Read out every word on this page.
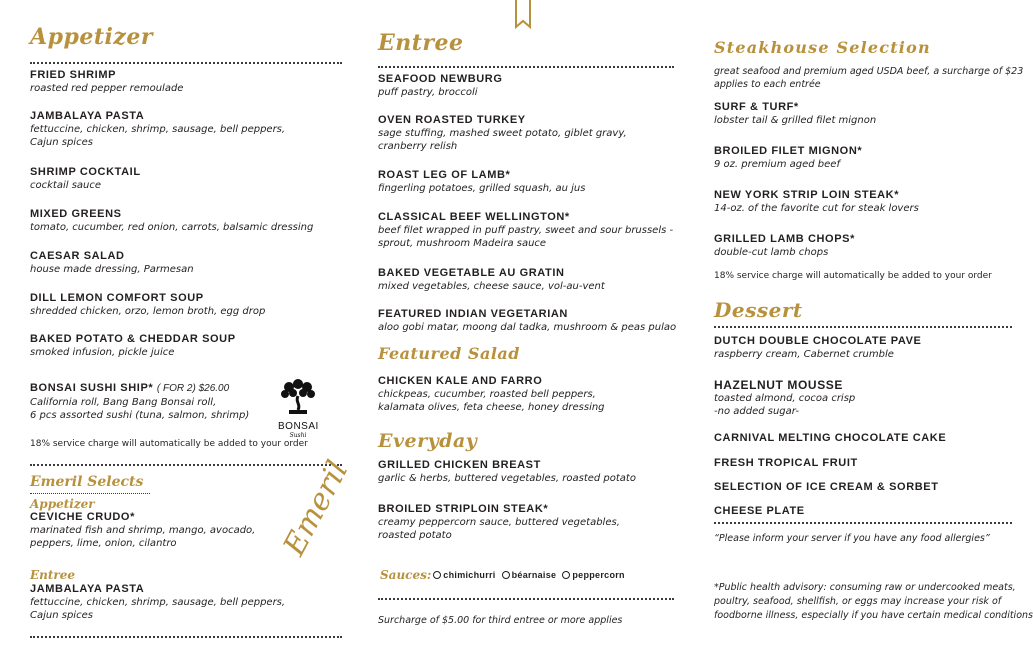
Appetizer
FRIED SHRIMP
roasted red pepper remoulade
JAMBALAYA PASTA
fettuccine, chicken, shrimp, sausage, bell peppers,
Cajun spices
SHRIMP COCKTAIL
cocktail sauce
MIXED GREENS
tomato, cucumber, red onion, carrots, balsamic dressing
CAESAR SALAD
house made dressing, Parmesan
DILL LEMON COMFORT SOUP
shredded chicken, orzo, lemon broth, egg drop
BAKED POTATO & CHEDDAR SOUP
smoked infusion, pickle juice
BONSAI SUSHI SHIP* ( FOR 2) $26.00
California roll, Bang Bang Bonsai roll,
6 pcs assorted sushi (tuna, salmon, shrimp)
BONSAI
Sushi
18% service charge will automatically be added to your order
Emeril Selects
Appetizer
CEVICHE CRUDO*
marinated fish and shrimp, mango, avocado,
peppers, lime, onion, cilantro	Emeril
Entree
JAMBALAYA PASTA
fettuccine, chicken, shrimp, sausage, bell peppers,
Cajun spices
Entree
SEAFOOD NEWBURG
puff pastry, broccoli
OVEN ROASTED TURKEY
sage stuffing, mashed sweet potato, giblet gravy,
cranberry relish
ROAST LEG OF LAMB*
fingerling potatoes, grilled squash, au jus
CLASSICAL BEEF WELLINGTON*
beef filet wrapped in puff pastry, sweet and sour brussels -
sprout, mushroom Madeira sauce
BAKED VEGETABLE AU GRATIN
mixed vegetables, cheese sauce, vol-au-vent
FEATURED INDIAN VEGETARIAN
aloo gobi matar, moong dal tadka, mushroom & peas pulao
Featured Salad
CHICKEN KALE AND FARRO
chickpeas, cucumber, roasted bell peppers,
kalamata olives, feta cheese, honey dressing
Everyday
GRILLED CHICKEN BREAST
garlic & herbs, buttered vegetables, roasted potato
BROILED STRIPLOIN STEAK*
creamy peppercorn sauce, buttered vegetables,
roasted potato
Sauces: chimichurri béarnaise peppercorn
Surcharge of $5.00 for third entree or more applies
Steakhouse Selection
great seafood and premium aged USDA beef, a surcharge of $23
applies to each entrée
SURF & TURF*
lobster tail & grilled filet mignon
BROILED FILET MIGNON*
9 oz. premium aged beef
NEW YORK STRIP LOIN STEAK*
14-oz. of the favorite cut for steak lovers
GRILLED LAMB CHOPS*
double-cut lamb chops
18% service charge will automatically be added to your order
Dessert
DUTCH DOUBLE CHOCOLATE PAVE
raspberry cream, Cabernet crumble
HAZELNUT MOUSSE
toasted almond, cocoa crisp
-no added sugar-
CARNIVAL MELTING CHOCOLATE CAKE
FRESH TROPICAL FRUIT
SELECTION OF ICE CREAM & SORBET
CHEESE PLATE
“Please inform your server if you have any food allergies”
*Public health advisory: consuming raw or undercooked meats,
poultry, seafood, shellfish, or eggs may increase your risk of
foodborne illness, especially if you have certain medical conditions
